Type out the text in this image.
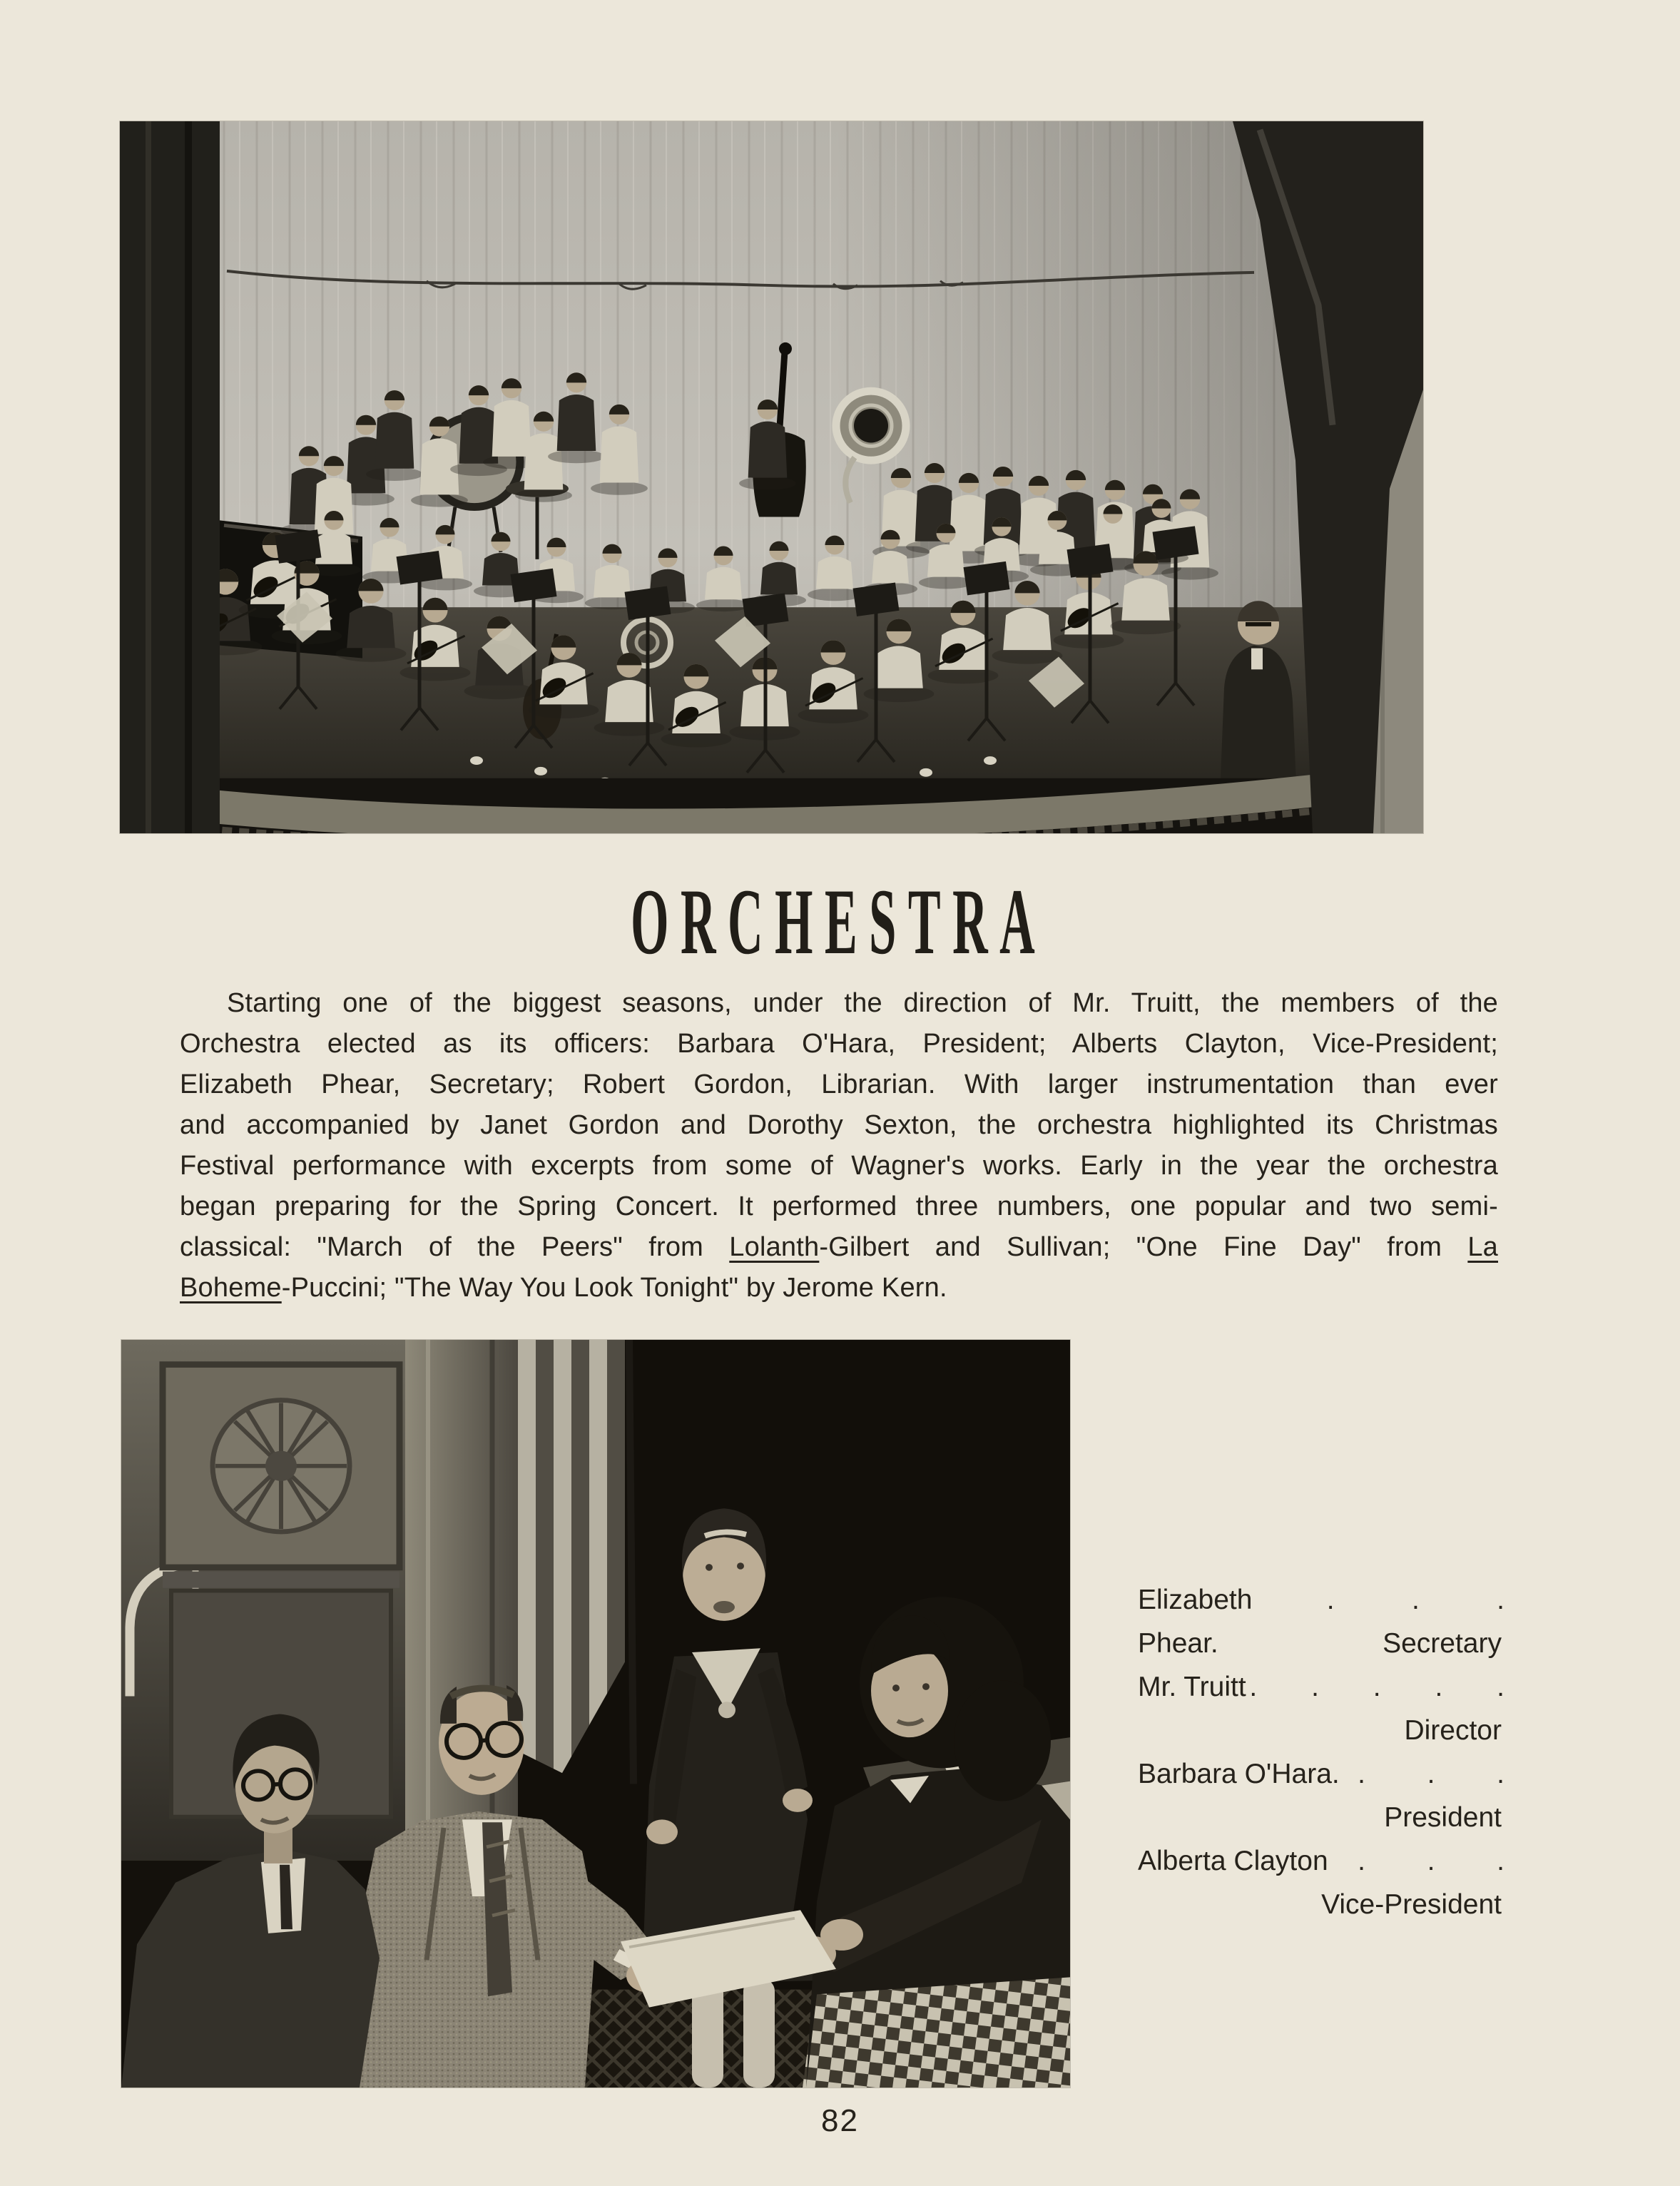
ORCHESTRA
Starting one of the biggest seasons, under the direction of Mr. Truitt, the members of the
Orchestra elected as its officers: Barbara O'Hara, President; Alberts Clayton, Vice-President;
Elizabeth Phear, Secretary; Robert Gordon, Librarian. With larger instrumentation than ever
and accompanied by Janet Gordon and Dorothy Sexton, the orchestra highlighted its Christmas
Festival performance with excerpts from some of Wagner's works. Early in the year the orchestra
began preparing for the Spring Concert. It performed three numbers, one popular and two semi-
classical: "March of the Peers" from Lolanth-Gilbert and Sullivan; "One Fine Day" from La
Boheme-Puccini; "The Way You Look Tonight" by Jerome Kern.
Elizabeth Phear.
.          .          .
Secretary
Mr. Truitt .       .       .       .       .
Director
Barbara O'Hara. .        .        .
President
Alberta Clayton .        .        .
Vice-President
82
